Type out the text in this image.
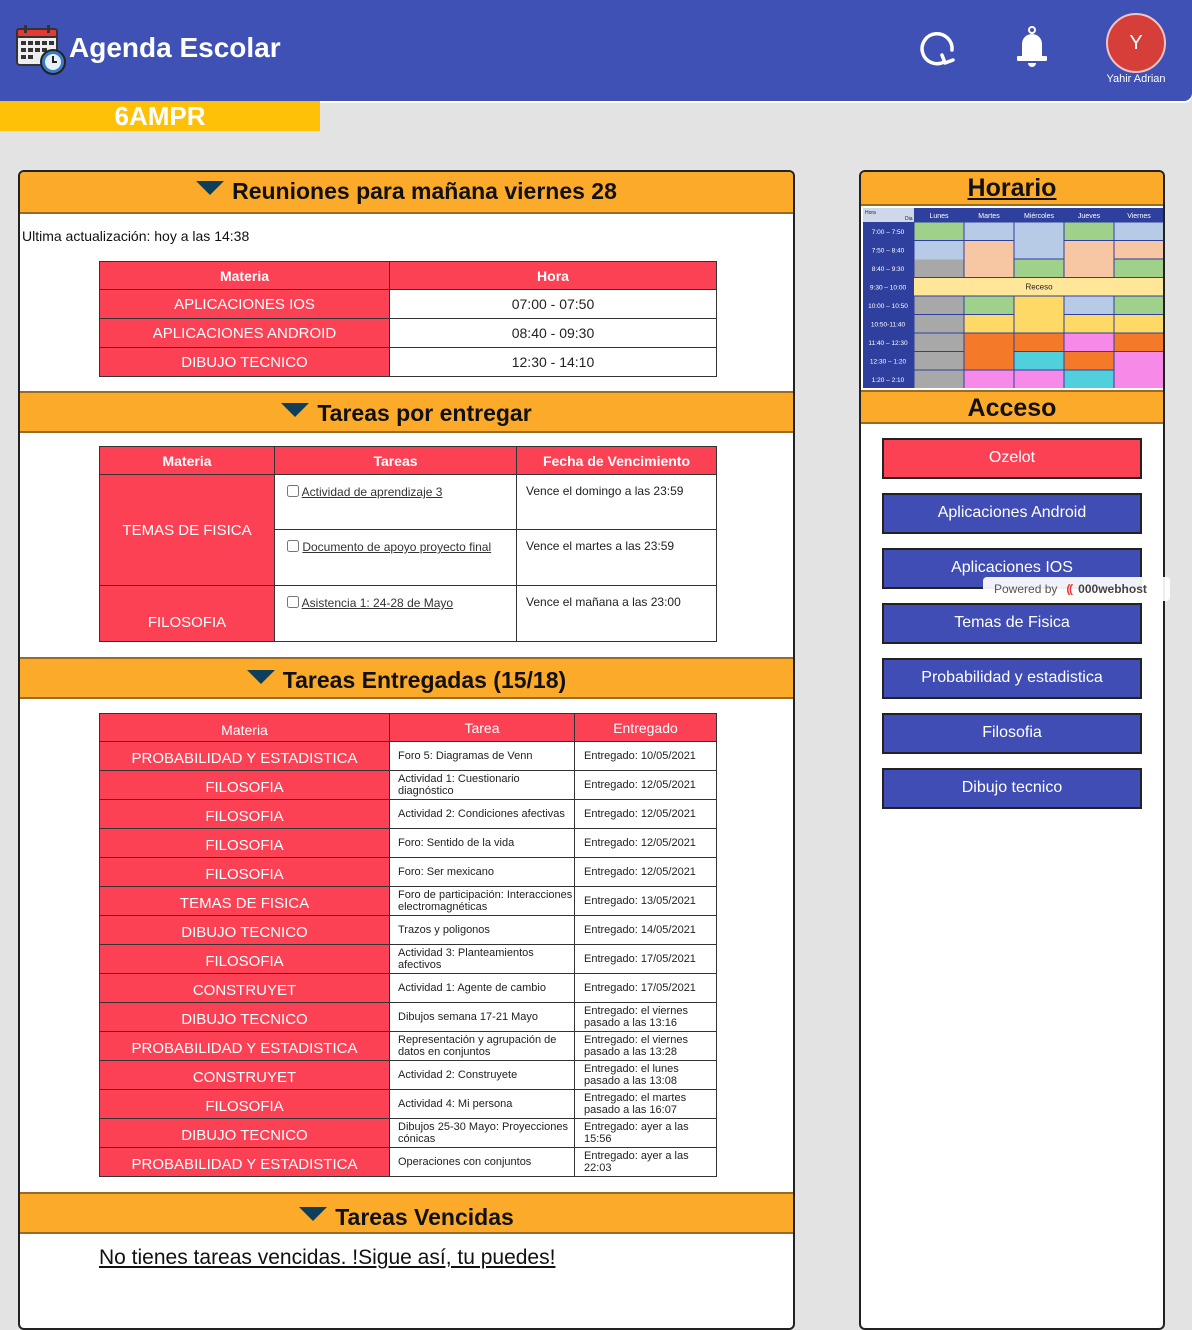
Agenda Escolar	Y
Yahir Adrian
6AMPR
Reuniones para mañana viernes 28
Ultima actualización: hoy a las 14:38
Materia	Hora
APLICACIONES IOS	07:00 - 07:50
APLICACIONES ANDROID	08:40 - 09:30
DIBUJO TECNICO	12:30 - 14:10
Tareas por entregar
Materia	Tareas	Fecha de Vencimiento
TEMAS DE FISICA	Actividad de aprendizaje 3	Vence el domingo a las 23:59
	Documento de apoyo proyecto final	Vence el martes a las 23:59
FILOSOFIA	Asistencia 1: 24-28 de Mayo	Vence el mañana a las 23:00
Tareas Entregadas (15/18)
Materia	Tarea	Entregado
PROBABILIDAD Y ESTADISTICA	Foro 5: Diagramas de Venn	Entregado: 10/05/2021
FILOSOFIA	Actividad 1: Cuestionario diagnóstico	Entregado: 12/05/2021
FILOSOFIA	Actividad 2: Condiciones afectivas	Entregado: 12/05/2021
FILOSOFIA	Foro: Sentido de la vida	Entregado: 12/05/2021
FILOSOFIA	Foro: Ser mexicano	Entregado: 12/05/2021
TEMAS DE FISICA	Foro de participación: Interacciones electromagnéticas	Entregado: 13/05/2021
DIBUJO TECNICO	Trazos y poligonos	Entregado: 14/05/2021
FILOSOFIA	Actividad 3: Planteamientos afectivos	Entregado: 17/05/2021
CONSTRUYET	Actividad 1: Agente de cambio	Entregado: 17/05/2021
DIBUJO TECNICO	Dibujos semana 17-21 Mayo	Entregado: el viernes pasado a las 13:16
PROBABILIDAD Y ESTADISTICA	Representación y agrupación de datos en conjuntos	Entregado: el viernes pasado a las 13:28
CONSTRUYET	Actividad 2: Construyete	Entregado: el lunes pasado a las 13:08
FILOSOFIA	Actividad 4: Mi persona	Entregado: el martes pasado a las 16:07
DIBUJO TECNICO	Dibujos 25-30 Mayo: Proyecciones cónicas	Entregado: ayer a las 15:56
PROBABILIDAD Y ESTADISTICA	Operaciones con conjuntos	Entregado: ayer a las 22:03
Tareas Vencidas
No tienes tareas vencidas. !Sigue así, tu puedes!
Horario
Hora
Dia Lunes	Martes	Miércoles	Jueves	Viernes
7:00 – 7:50
7:50 – 8:40
8:40 – 9:30
9:30 – 10:00
10:00 – 10:50
10:50-11:40
11:40 – 12:30
12:30 – 1:20
1:20 – 2:10
Receso
Acceso
Ozelot
Aplicaciones Android
Aplicaciones IOS
Temas de Fisica
Probabilidad y estadistica
Filosofia
Dibujo tecnico
Powered by ⸨ 000webhost
